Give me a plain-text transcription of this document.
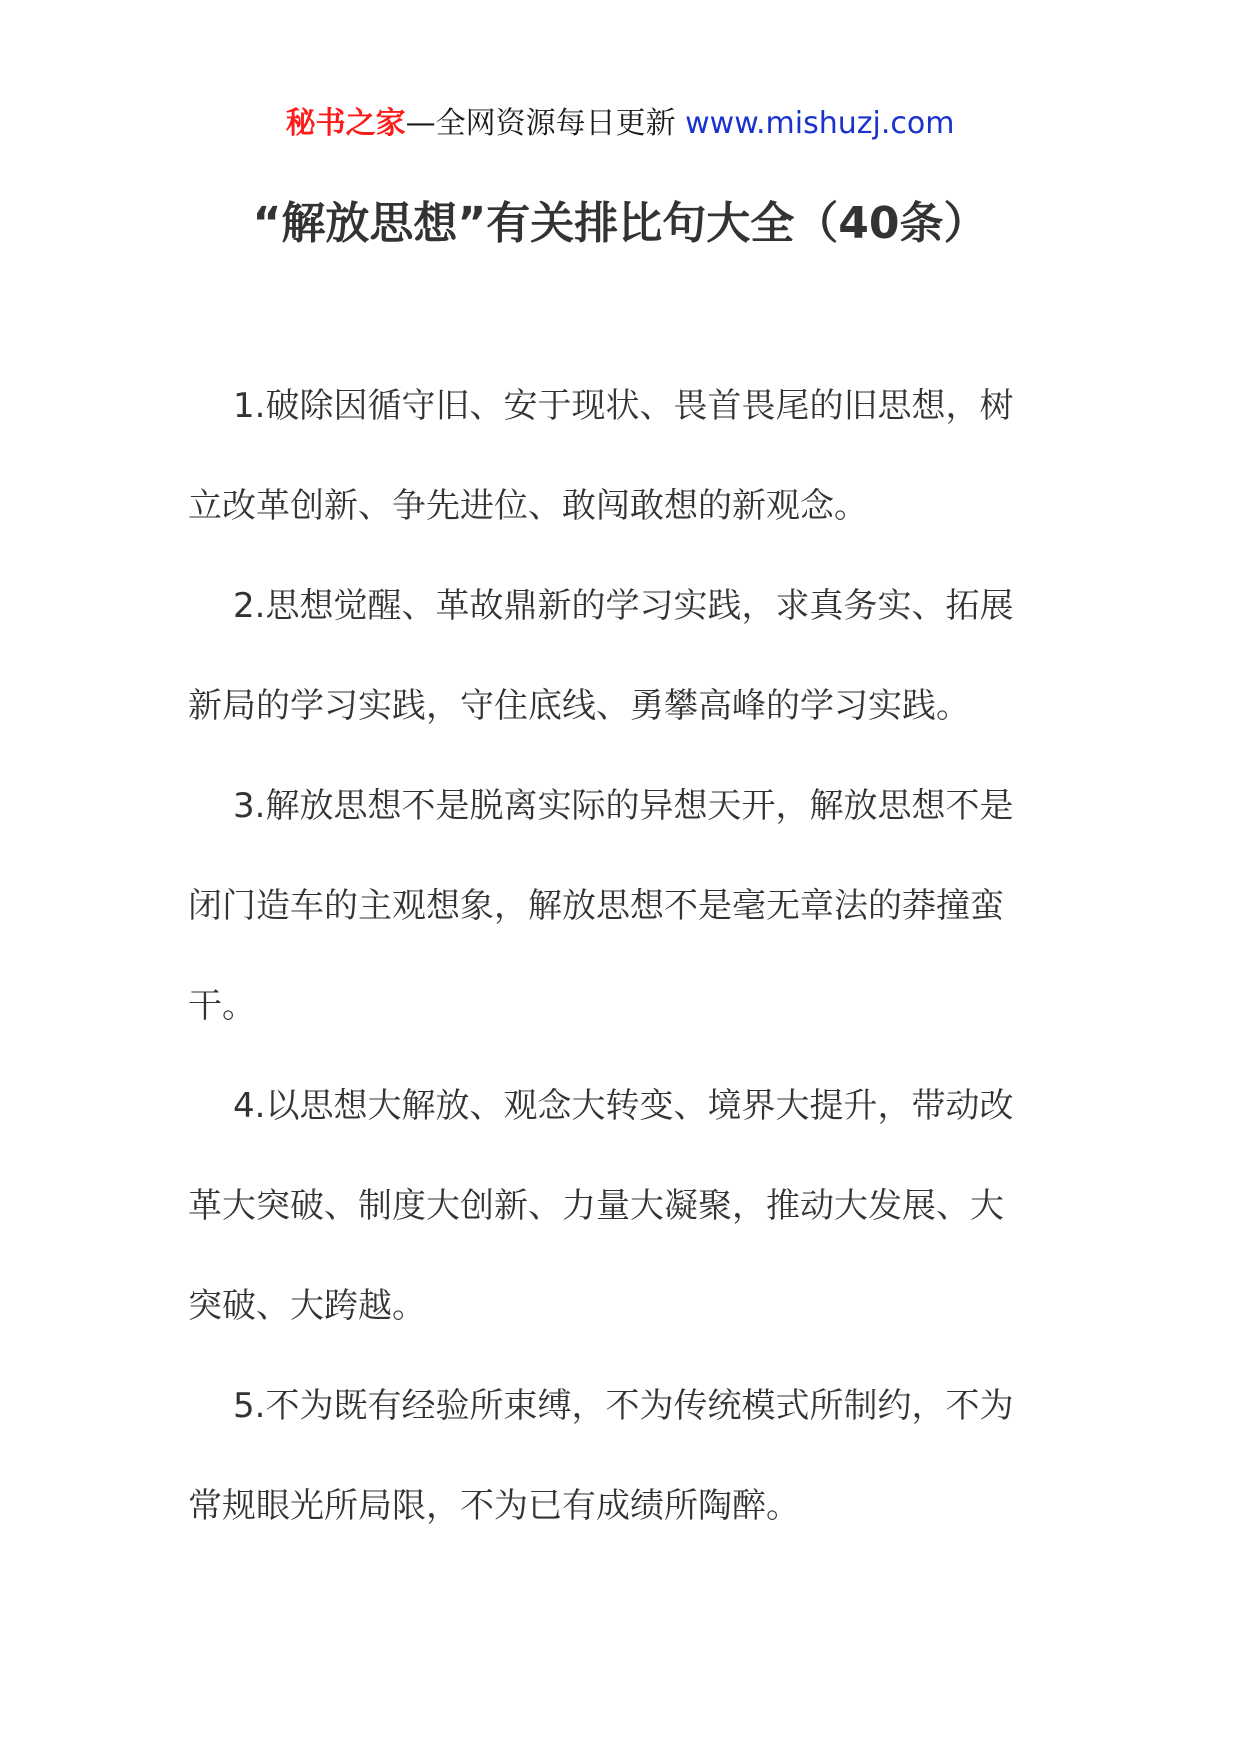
秘书之家—全网资源每日更新 www.mishuzj.com
“解放思想”有关排比句大全（40条）

1.破除因循守旧、安于现状、畏首畏尾的旧思想，树立改革创新、争先进位、敢闯敢想的新观念。

2.思想觉醒、革故鼎新的学习实践，求真务实、拓展新局的学习实践，守住底线、勇攀高峰的学习实践。

3.解放思想不是脱离实际的异想天开，解放思想不是闭门造车的主观想象，解放思想不是毫无章法的莽撞蛮干。

4.以思想大解放、观念大转变、境界大提升，带动改革大突破、制度大创新、力量大凝聚，推动大发展、大突破、大跨越。

5.不为既有经验所束缚，不为传统模式所制约，不为常规眼光所局限，不为已有成绩所陶醉。
